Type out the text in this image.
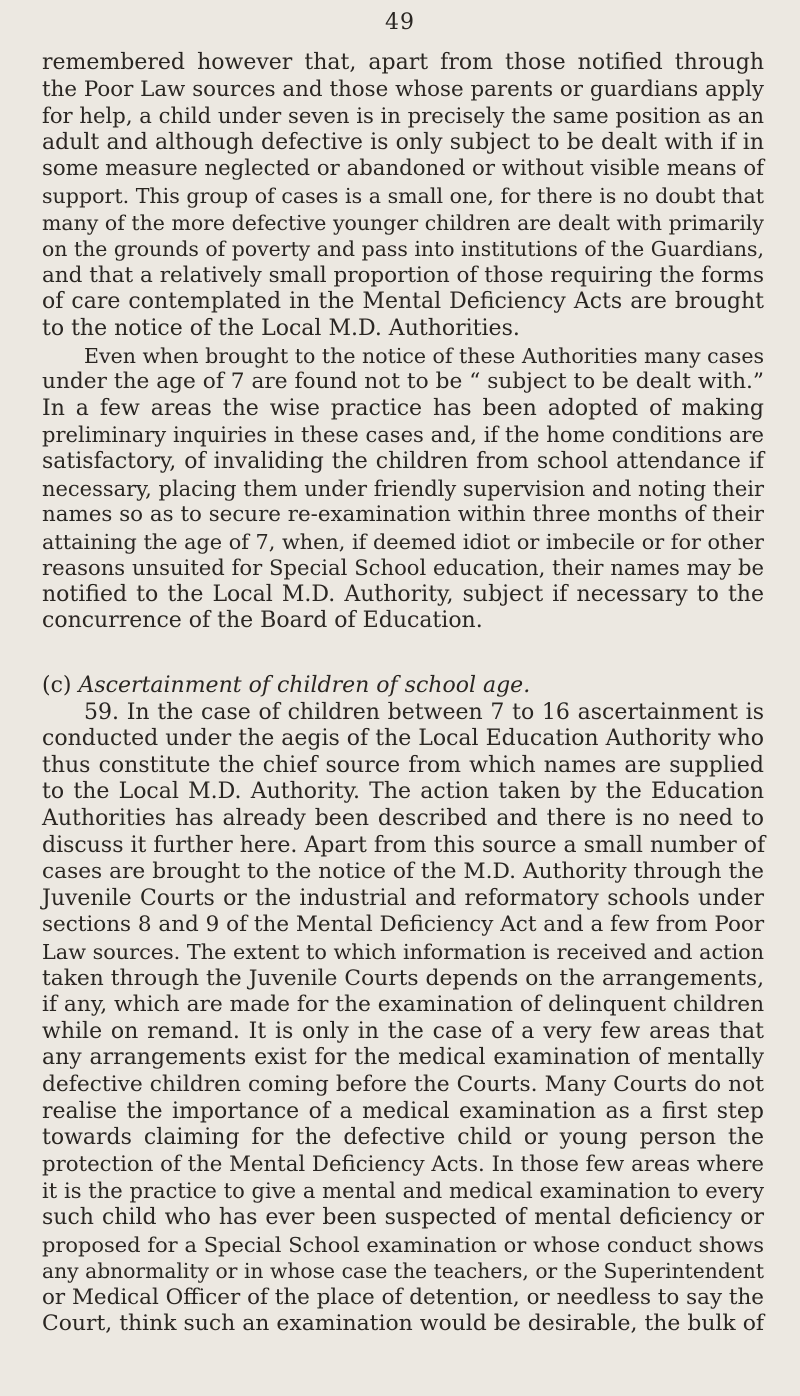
49
remembered however that, apart from those notified through
the Poor Law sources and those whose parents or guardians apply
for help, a child under seven is in precisely the same position as an
adult and although defective is only subject to be dealt with if in
some measure neglected or abandoned or without visible means of
support. This group of cases is a small one, for there is no doubt that
many of the more defective younger children are dealt with primarily
on the grounds of poverty and pass into institutions of the Guardians,
and that a relatively small proportion of those requiring the forms
of care contemplated in the Mental Deficiency Acts are brought
to the notice of the Local M.D. Authorities.
Even when brought to the notice of these Authorities many cases
under the age of 7 are found not to be “ subject to be dealt with.”
In a few areas the wise practice has been adopted of making
preliminary inquiries in these cases and, if the home conditions are
satisfactory, of invaliding the children from school attendance if
necessary, placing them under friendly supervision and noting their
names so as to secure re-examination within three months of their
attaining the age of 7, when, if deemed idiot or imbecile or for other
reasons unsuited for Special School education, their names may be
notified to the Local M.D. Authority, subject if necessary to the
concurrence of the Board of Education.
(c) Ascertainment of children of school age.
59. In the case of children between 7 to 16 ascertainment is
conducted under the aegis of the Local Education Authority who
thus constitute the chief source from which names are supplied
to the Local M.D. Authority. The action taken by the Education
Authorities has already been described and there is no need to
discuss it further here. Apart from this source a small number of
cases are brought to the notice of the M.D. Authority through the
Juvenile Courts or the industrial and reformatory schools under
sections 8 and 9 of the Mental Deficiency Act and a few from Poor
Law sources. The extent to which information is received and action
taken through the Juvenile Courts depends on the arrangements,
if any, which are made for the examination of delinquent children
while on remand. It is only in the case of a very few areas that
any arrangements exist for the medical examination of mentally
defective children coming before the Courts. Many Courts do not
realise the importance of a medical examination as a first step
towards claiming for the defective child or young person the
protection of the Mental Deficiency Acts. In those few areas where
it is the practice to give a mental and medical examination to every
such child who has ever been suspected of mental deficiency or
proposed for a Special School examination or whose conduct shows
any abnormality or in whose case the teachers, or the Superintendent
or Medical Officer of the place of detention, or needless to say the
Court, think such an examination would be desirable, the bulk of
